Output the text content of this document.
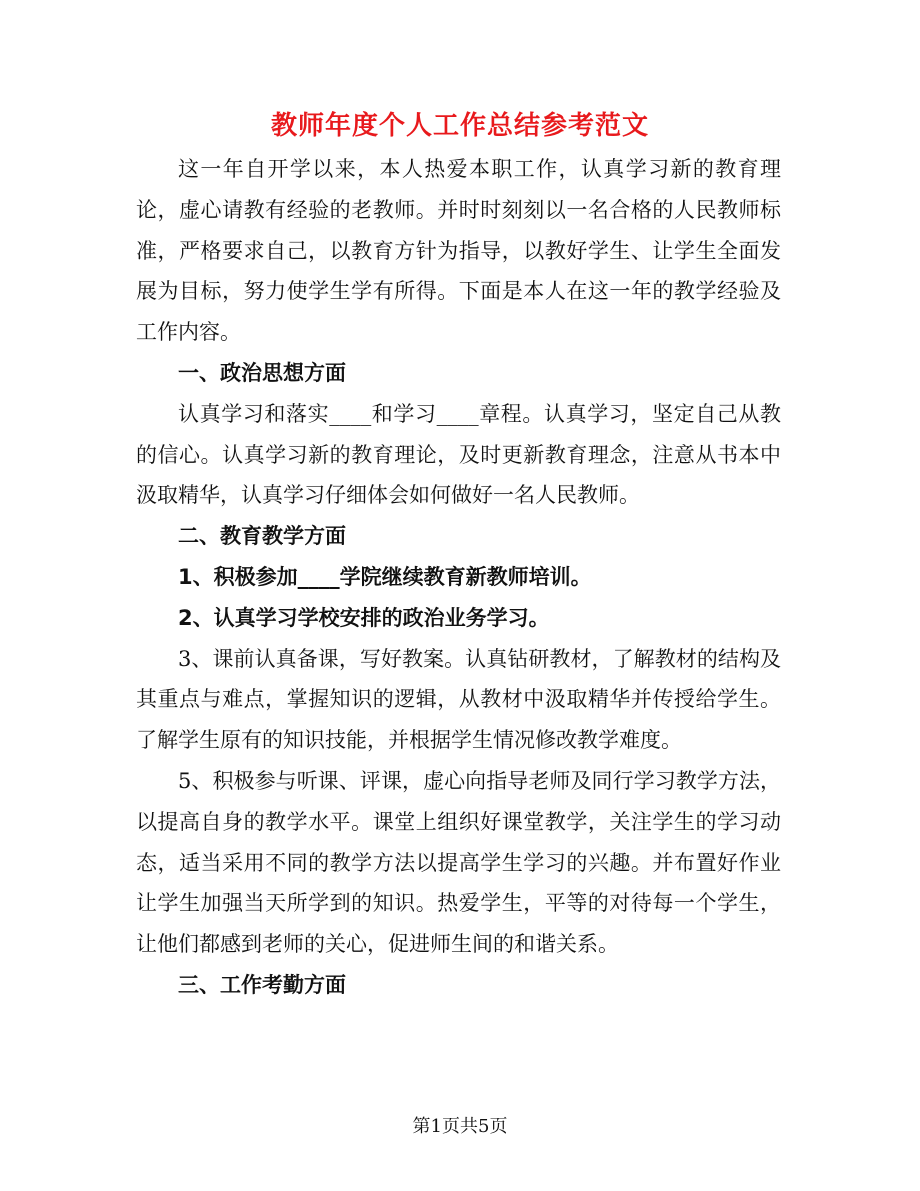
教师年度个人工作总结参考范文

这一年自开学以来，本人热爱本职工作，认真学习新的教育理论，虚心请教有经验的老教师。并时时刻刻以一名合格的人民教师标准，严格要求自己，以教育方针为指导，以教好学生、让学生全面发展为目标，努力使学生学有所得。下面是本人在这一年的教学经验及工作内容。

一、政治思想方面

认真学习和落实____和学习____章程。认真学习，坚定自己从教的信心。认真学习新的教育理论，及时更新教育理念，注意从书本中汲取精华，认真学习仔细体会如何做好一名人民教师。

二、教育教学方面

1、积极参加____学院继续教育新教师培训。

2、认真学习学校安排的政治业务学习。

3、课前认真备课，写好教案。认真钻研教材，了解教材的结构及其重点与难点，掌握知识的逻辑，从教材中汲取精华并传授给学生。了解学生原有的知识技能，并根据学生情况修改教学难度。

5、积极参与听课、评课，虚心向指导老师及同行学习教学方法，以提高自身的教学水平。课堂上组织好课堂教学，关注学生的学习动态，适当采用不同的教学方法以提高学生学习的兴趣。并布置好作业让学生加强当天所学到的知识。热爱学生，平等的对待每一个学生，让他们都感到老师的关心，促进师生间的和谐关系。

三、工作考勤方面

第1页共5页
